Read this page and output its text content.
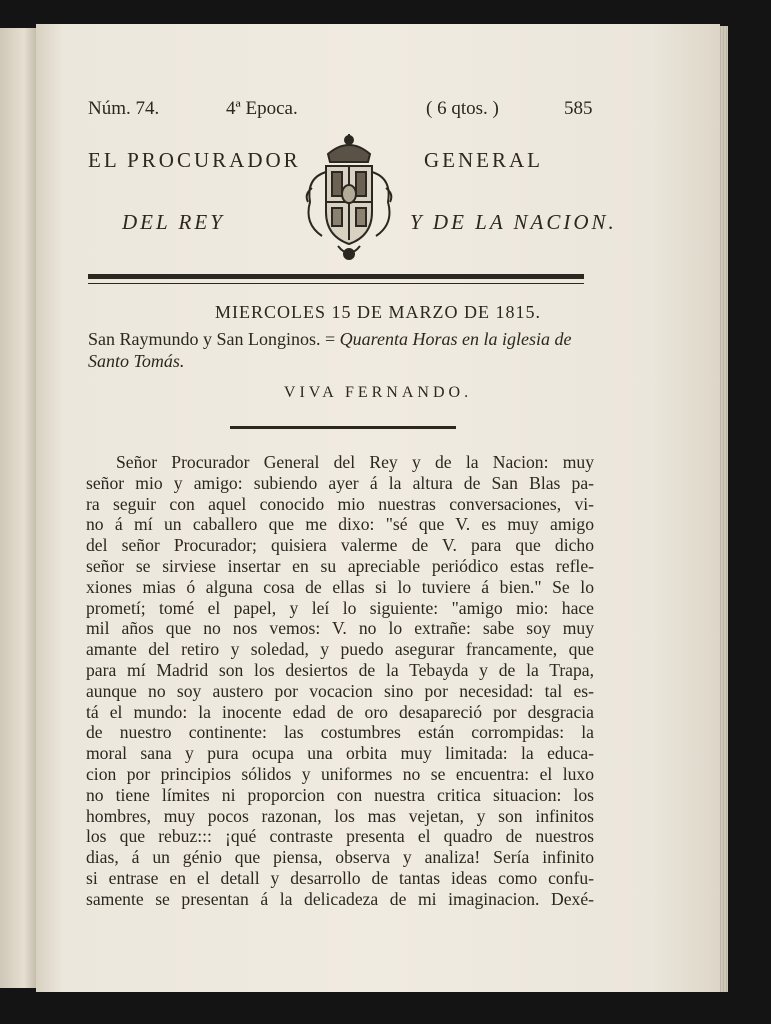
Núm. 74.	4ª Epoca.	( 6 qtos. )	585
EL PROCURADOR	GENERAL
DEL REY	Y DE LA NACION.
MIERCOLES 15 DE MARZO DE 1815.
San Raymundo y San Longinos. = Quarenta Horas en la iglesia de Santo Tomás.
VIVA FERNANDO.
Señor Procurador General del Rey y de la Nacion: muy
señor mio y amigo: subiendo ayer á la altura de San Blas pa-
ra seguir con aquel conocido mio nuestras conversaciones, vi-
no á mí un caballero que me dixo: "sé que V. es muy amigo
del señor Procurador; quisiera valerme de V. para que dicho
señor se sirviese insertar en su apreciable periódico estas refle-
xiones mias ó alguna cosa de ellas si lo tuviere á bien." Se lo
prometí; tomé el papel, y leí lo siguiente: "amigo mio: hace
mil años que no nos vemos: V. no lo extrañe: sabe soy muy
amante del retiro y soledad, y puedo asegurar francamente, que
para mí Madrid son los desiertos de la Tebayda y de la Trapa,
aunque no soy austero por vocacion sino por necesidad: tal es-
tá el mundo: la inocente edad de oro desapareció por desgracia
de nuestro continente: las costumbres están corrompidas: la
moral sana y pura ocupa una orbita muy limitada: la educa-
cion por principios sólidos y uniformes no se encuentra: el luxo
no tiene límites ni proporcion con nuestra critica situacion: los
hombres, muy pocos razonan, los mas vejetan, y son infinitos
los que rebuz::: ¡qué contraste presenta el quadro de nuestros
dias, á un génio que piensa, observa y analiza! Sería infinito
si entrase en el detall y desarrollo de tantas ideas como confu-
samente se presentan á la delicadeza de mi imaginacion. Dexé-
